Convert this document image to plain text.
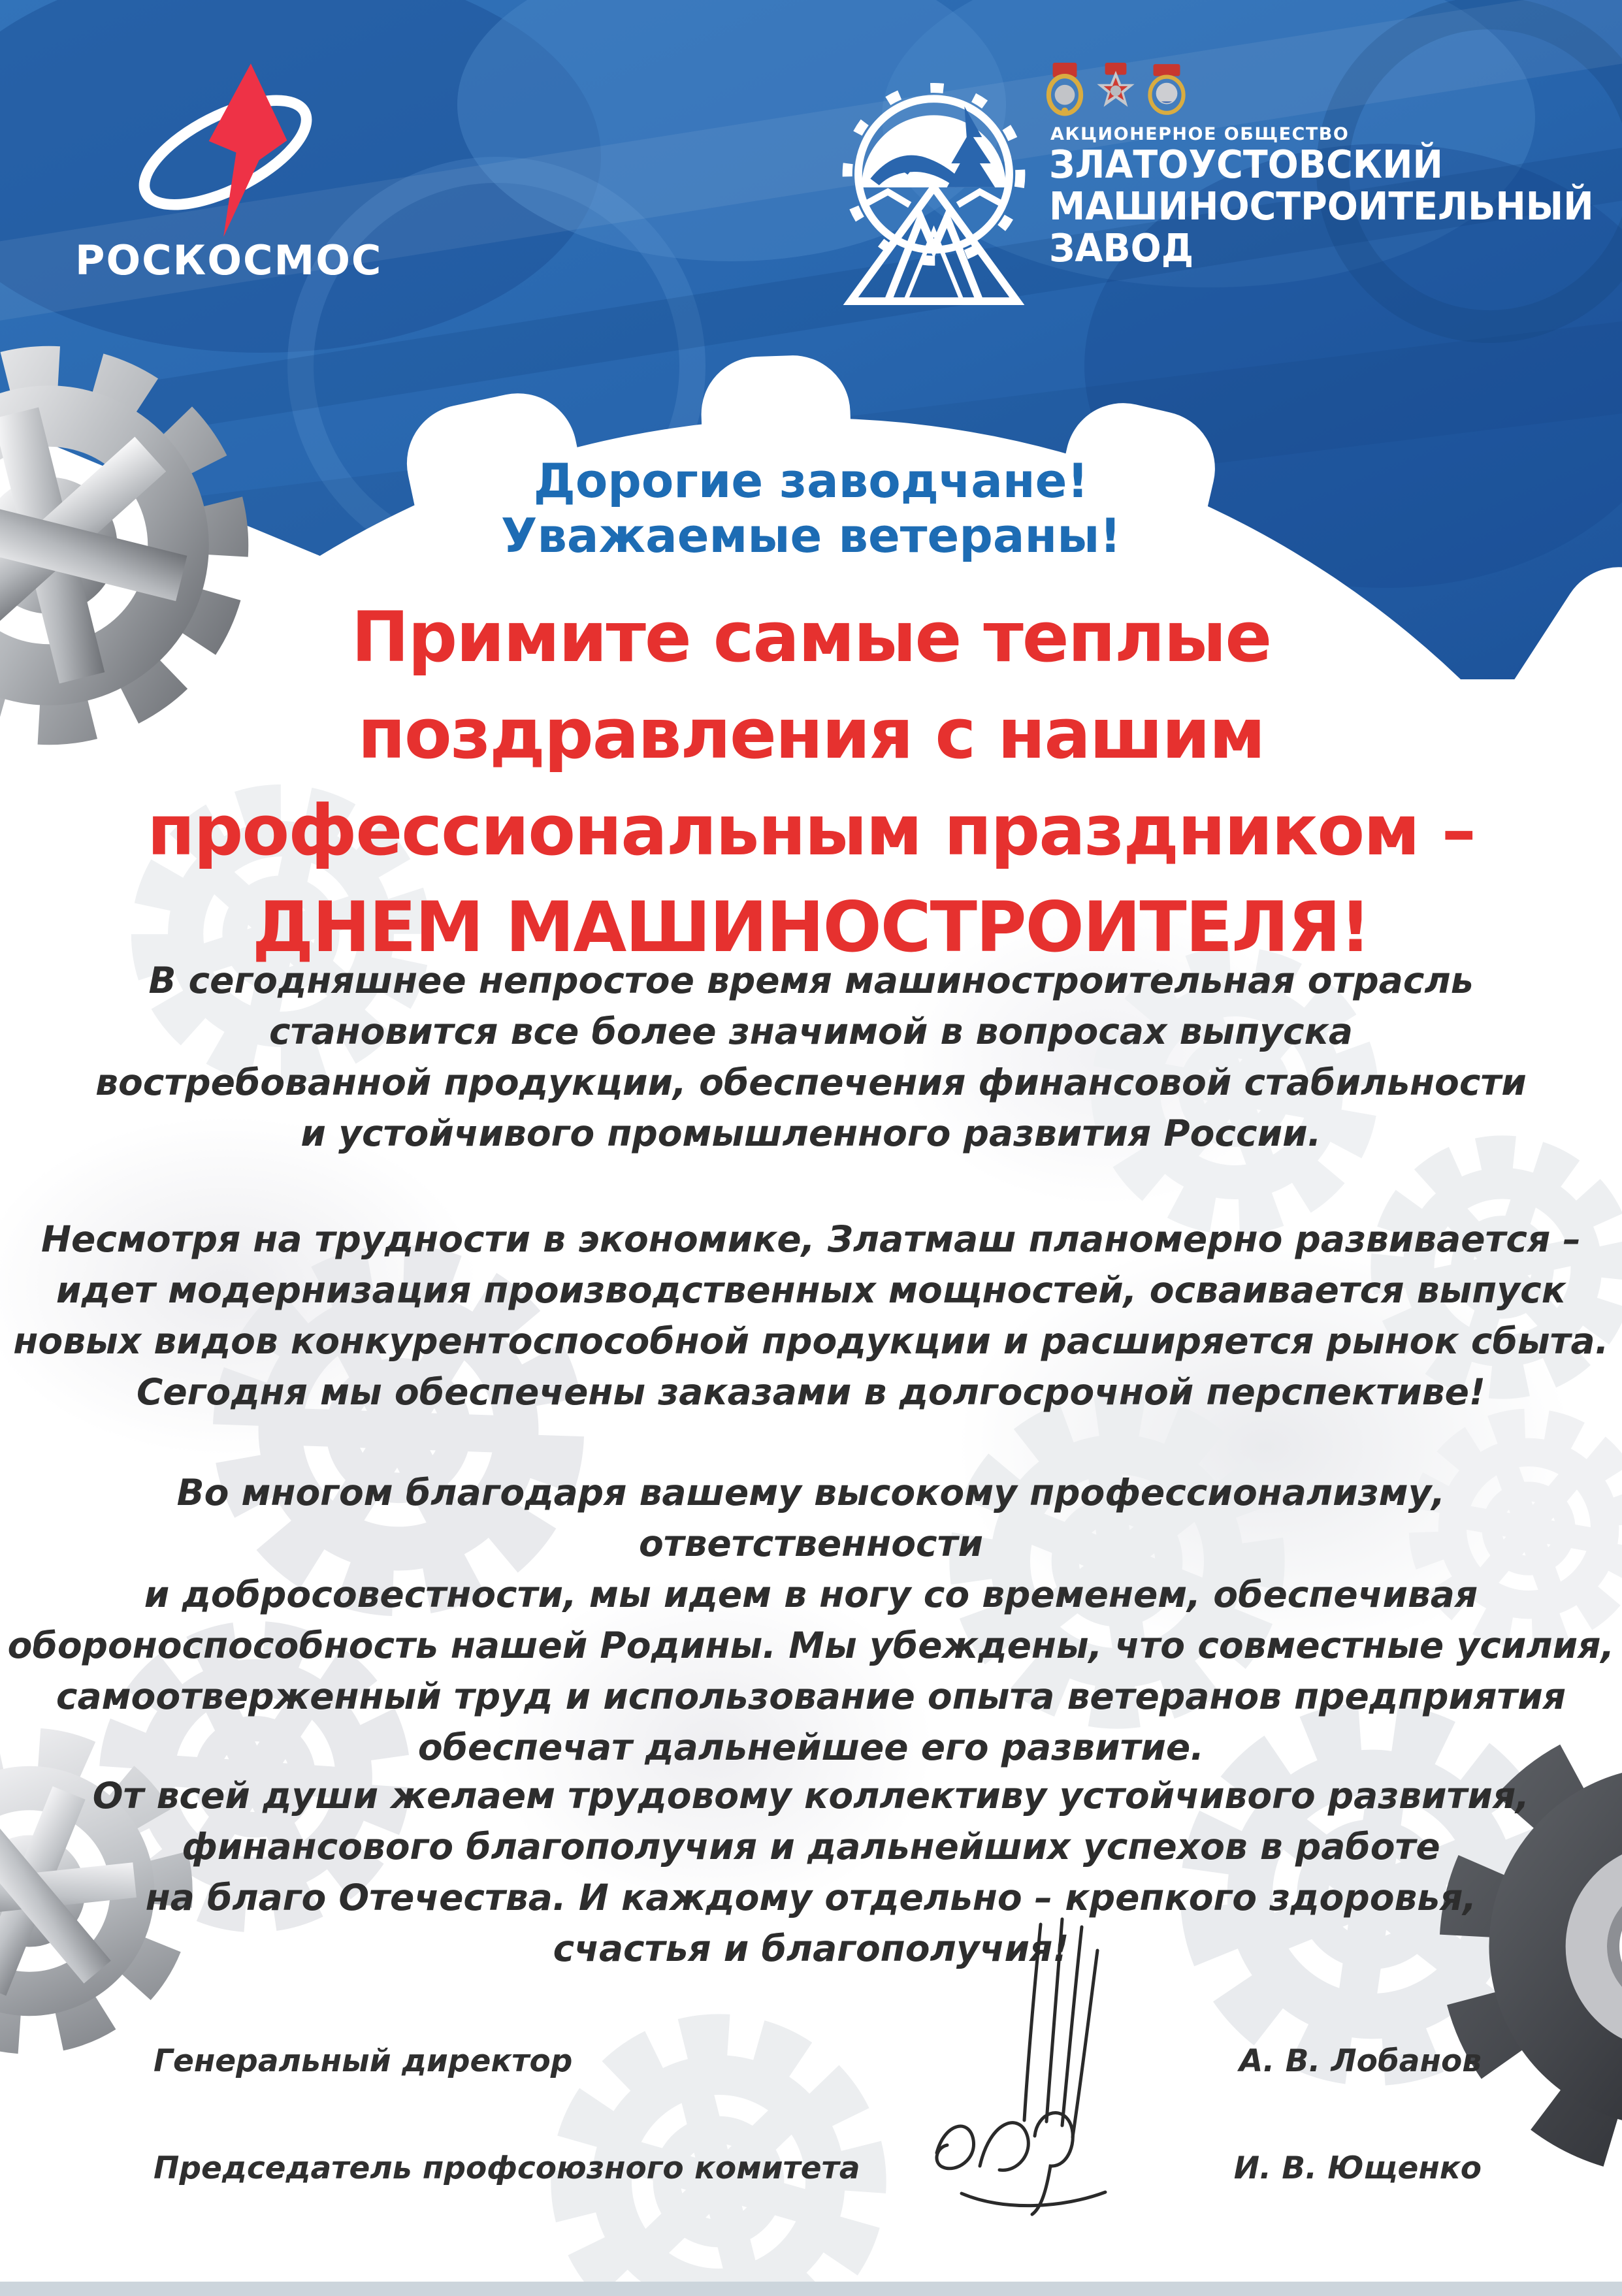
РОСКОСМОС
АКЦИОНЕРНОЕ ОБЩЕСТВО
ЗЛАТОУСТОВСКИЙ
МАШИНОСТРОИТЕЛЬНЫЙ
ЗАВОД
Дорогие заводчане!
Уважаемые ветераны!
Примите самые теплые
поздравления с нашим
профессиональным праздником –
ДНЕМ МАШИНОСТРОИТЕЛЯ!
В сегодняшнее непростое время машиностроительная отрасль
становится все более значимой в вопросах выпуска
востребованной продукции, обеспечения финансовой стабильности
и устойчивого промышленного развития России.
Несмотря на трудности в экономике, Златмаш планомерно развивается –
идет модернизация производственных мощностей, осваивается выпуск
новых видов конкурентоспособной продукции и расширяется рынок сбыта.
Сегодня мы обеспечены заказами в долгосрочной перспективе!
Во многом благодаря вашему высокому профессионализму, ответственности
и добросовестности, мы идем в ногу со временем, обеспечивая
обороноспособность нашей Родины. Мы убеждены, что совместные усилия,
самоотверженный труд и использование опыта ветеранов предприятия
обеспечат дальнейшее его развитие.
От всей души желаем трудовому коллективу устойчивого развития,
финансового благополучия и дальнейших успехов в работе
на благо Отечества. И каждому отдельно – крепкого здоровья,
счастья и благополучия!
Генеральный директор	А. В. Лобанов
Председатель профсоюзного комитета	И. В. Ющенко
